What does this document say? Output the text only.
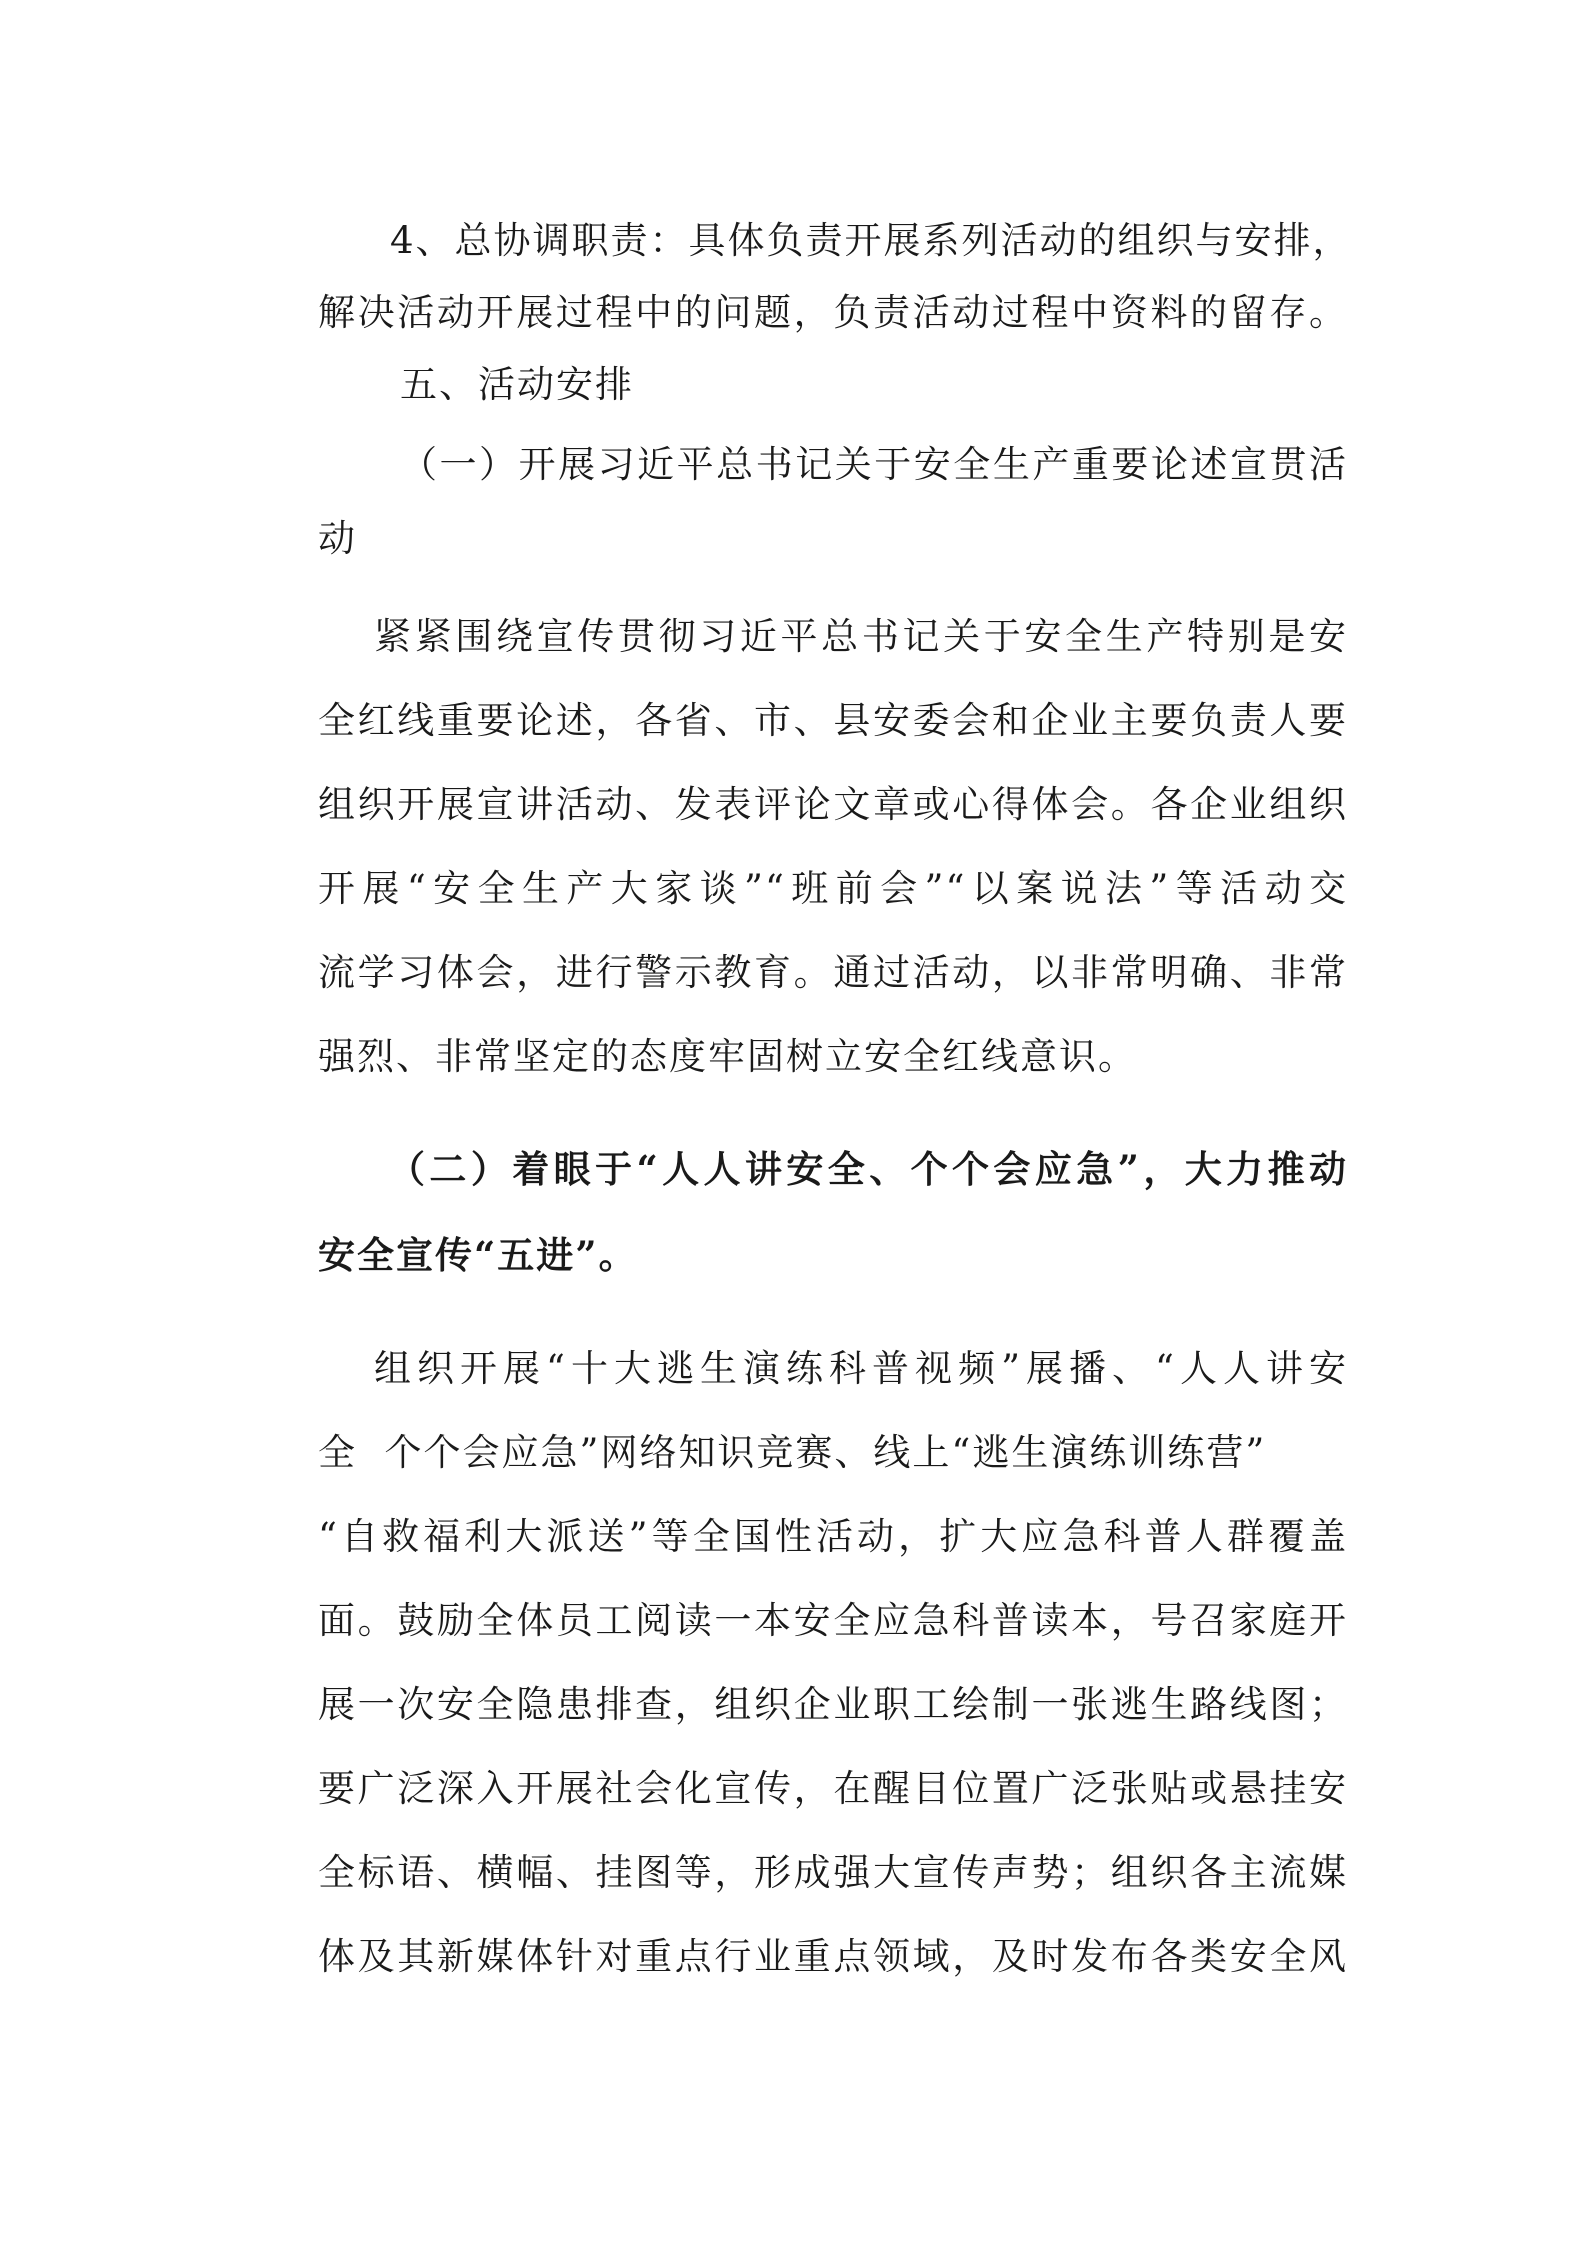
4、总协调职责：具体负责开展系列活动的组织与安排，
解决活动开展过程中的问题，负责活动过程中资料的留存。
五、活动安排
（一）开展习近平总书记关于安全生产重要论述宣贯活
动
紧紧围绕宣传贯彻习近平总书记关于安全生产特别是安
全红线重要论述，各省、市、县安委会和企业主要负责人要
组织开展宣讲活动、发表评论文章或心得体会。各企业组织
开展“安全生产大家谈”“班前会”“以案说法”等活动交
流学习体会，进行警示教育。通过活动，以非常明确、非常
强烈、非常坚定的态度牢固树立安全红线意识。
（二）着眼于“人人讲安全、个个会应急”，大力推动
安全宣传“五进”。
组织开展“十大逃生演练科普视频”展播、“人人讲安
全  个个会应急”网络知识竞赛、线上“逃生演练训练营”
“自救福利大派送”等全国性活动，扩大应急科普人群覆盖
面。鼓励全体员工阅读一本安全应急科普读本，号召家庭开
展一次安全隐患排查，组织企业职工绘制一张逃生路线图；
要广泛深入开展社会化宣传，在醒目位置广泛张贴或悬挂安
全标语、横幅、挂图等，形成强大宣传声势；组织各主流媒
体及其新媒体针对重点行业重点领域，及时发布各类安全风
